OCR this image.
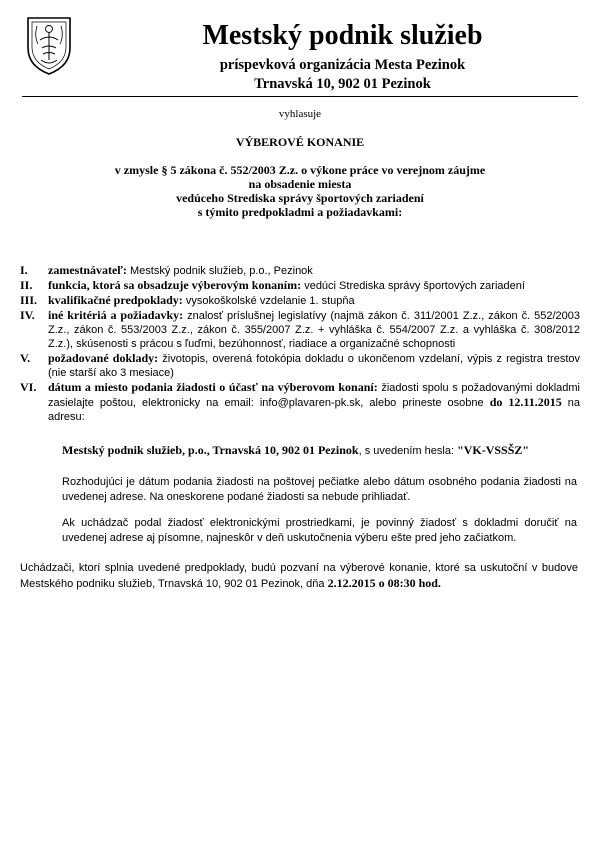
Mestský podnik služieb
príspevková organizácia Mesta Pezinok
Trnavská 10, 902 01 Pezinok
vyhlasuje
VÝBEROVÉ KONANIE
v zmysle § 5 zákona č. 552/2003 Z.z. o výkone práce vo verejnom záujme
na obsadenie miesta
vedúceho Strediska správy športových zariadení
s týmito predpokladmi a požiadavkami:
I.	zamestnávateľ: Mestský podnik služieb, p.o., Pezinok
II.	funkcia, ktorá sa obsadzuje výberovým konaním: vedúci Strediska správy športových zariadení
III. kvalifikačné predpoklady: vysokoškolské vzdelanie 1. stupňa
IV.	iné kritériá a požiadavky: znalosť príslušnej legislatívy (najmä zákon č. 311/2001 Z.z., zákon č. 552/2003 Z.z., zákon č. 553/2003 Z.z., zákon č. 355/2007 Z.z. + vyhláška č. 554/2007 Z.z. a vyhláška č. 308/2012 Z.z.), skúsenosti s prácou s ľuďmi, bezúhonnosť, riadiace a organizačné schopnosti
V.	požadované doklady: životopis, overená fotokópia dokladu o ukončenom vzdelaní, výpis z registra trestov (nie starší ako 3 mesiace)
VI. dátum a miesto podania žiadosti o účasť na výberovom konaní: žiadosti spolu s požadovanými dokladmi zasielajte poštou, elektronicky na email: info@plavaren-pk.sk, alebo prineste osobne do 12.11.2015 na adresu:
Mestský podnik služieb, p.o., Trnavská 10, 902 01 Pezinok, s uvedením hesla: "VK-VSSŠZ"
Rozhodujúci je dátum podania žiadosti na poštovej pečiatke alebo dátum osobného podania žiadosti na uvedenej adrese. Na oneskorene podané žiadosti sa nebude prihliadať.
Ak uchádzač podal žiadosť elektronickými prostriedkami, je povinný žiadosť s dokladmi doručiť na uvedenej adrese aj písomne, najneskôr v deň uskutočnenia výberu ešte pred jeho začiatkom.
Uchádzači, ktorí splnia uvedené predpoklady, budú pozvaní na výberové konanie, ktoré sa uskutoční v budove Mestského podniku služieb, Trnavská 10, 902 01 Pezinok, dňa 2.12.2015 o 08:30 hod.
